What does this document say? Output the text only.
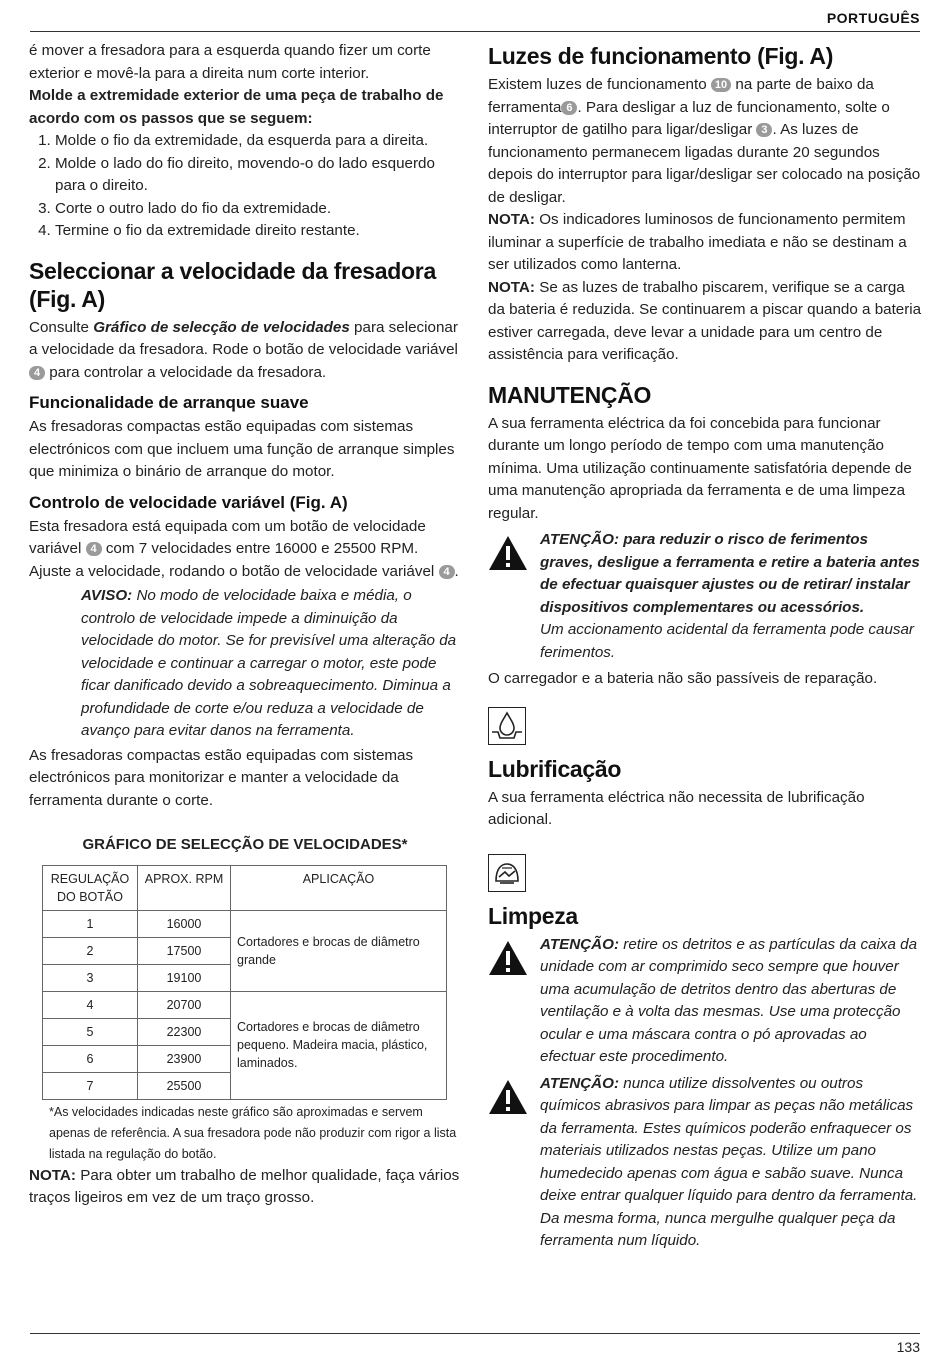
PORTUGUÊS

é mover a fresadora para a esquerda quando fizer um corte exterior e movê-la para a direita num corte interior.

Molde a extremidade exterior de uma peça de trabalho de acordo com os passos que se seguem:

1. Molde o fio da extremidade, da esquerda para a direita.
2. Molde o lado do fio direito, movendo-o do lado esquerdo para o direito.
3. Corte o outro lado do fio da extremidade.
4. Termine o fio da extremidade direito restante.
Seleccionar a velocidade da fresadora (Fig. A)

Consulte Gráfico de selecção de velocidades para selecionar a velocidade da fresadora. Rode o botão de velocidade variável 4 para controlar a velocidade da fresadora.

Funcionalidade de arranque suave

As fresadoras compactas estão equipadas com sistemas electrónicos com que incluem uma função de arranque simples que minimiza o binário de arranque do motor.

Controlo de velocidade variável (Fig. A)

Esta fresadora está equipada com um botão de velocidade variável 4 com 7 velocidades entre 16000 e 25500 RPM. Ajuste a velocidade, rodando o botão de velocidade variável 4 .

AVISO: No modo de velocidade baixa e média, o controlo de velocidade impede a diminuição da velocidade do motor. Se for previsível uma alteração da velocidade e continuar a carregar o motor, este pode ficar danificado devido a sobreaquecimento. Diminua a profundidade de corte e/ou reduza a velocidade de avanço para evitar danos na ferramenta.

As fresadoras compactas estão equipadas com sistemas electrónicos para monitorizar e manter a velocidade da ferramenta durante o corte.

GRÁFICO DE SELECÇÃO DE VELOCIDADES*
REGULAÇÃO DO BOTÃO	APROX. RPM	APLICAÇÃO
1	16000	Cortadores e brocas de diâmetro grande
2	17500	
3	19100	
4	20700	Cortadores e brocas de diâmetro pequeno. Madeira macia, plástico, laminados.
5	22300	
6	23900	
7	25500	

*As velocidades indicadas neste gráfico são aproximadas e servem apenas de referência. A sua fresadora pode não produzir com rigor a lista listada na regulação do botão.

NOTA: Para obter um trabalho de melhor qualidade, faça vários traços ligeiros em vez de um traço grosso.

Luzes de funcionamento (Fig. A)

Existem luzes de funcionamento 10 na parte de baixo da ferramenta 6 . Para desligar a luz de funcionamento, solte o interruptor de gatilho para ligar/desligar 3 . As luzes de funcionamento permanecem ligadas durante 20 segundos depois do interruptor para ligar/desligar ser colocado na posição de desligar.

NOTA: Os indicadores luminosos de funcionamento permitem iluminar a superfície de trabalho imediata e não se destinam a ser utilizados como lanterna.

NOTA: Se as luzes de trabalho piscarem, verifique se a carga da bateria é reduzida. Se continuarem a piscar quando a bateria estiver carregada, deve levar a unidade para um centro de assistência para verificação.

MANUTENÇÃO

A sua ferramenta eléctrica da foi concebida para funcionar durante um longo período de tempo com uma manutenção mínima. Uma utilização continuamente satisfatória depende de uma manutenção apropriada da ferramenta e de uma limpeza regular.

ATENÇÃO: para reduzir o risco de ferimentos graves, desligue a ferramenta e retire a bateria antes de efectuar quaisquer ajustes ou de retirar/ instalar dispositivos complementares ou acessórios.

Um accionamento acidental da ferramenta pode causar ferimentos.

O carregador e a bateria não são passíveis de reparação.

Lubrificação

A sua ferramenta eléctrica não necessita de lubrificação adicional.

Limpeza

ATENÇÃO: retire os detritos e as partículas da caixa da unidade com ar comprimido seco sempre que houver uma acumulação de detritos dentro das aberturas de ventilação e à volta das mesmas. Use uma protecção ocular e uma máscara contra o pó aprovadas ao efectuar este procedimento.

ATENÇÃO: nunca utilize dissolventes ou outros químicos abrasivos para limpar as peças não metálicas da ferramenta. Estes químicos poderão enfraquecer os materiais utilizados nestas peças. Utilize um pano humedecido apenas com água e sabão suave. Nunca deixe entrar qualquer líquido para dentro da ferramenta. Da mesma forma, nunca mergulhe qualquer peça da ferramenta num líquido.

133
